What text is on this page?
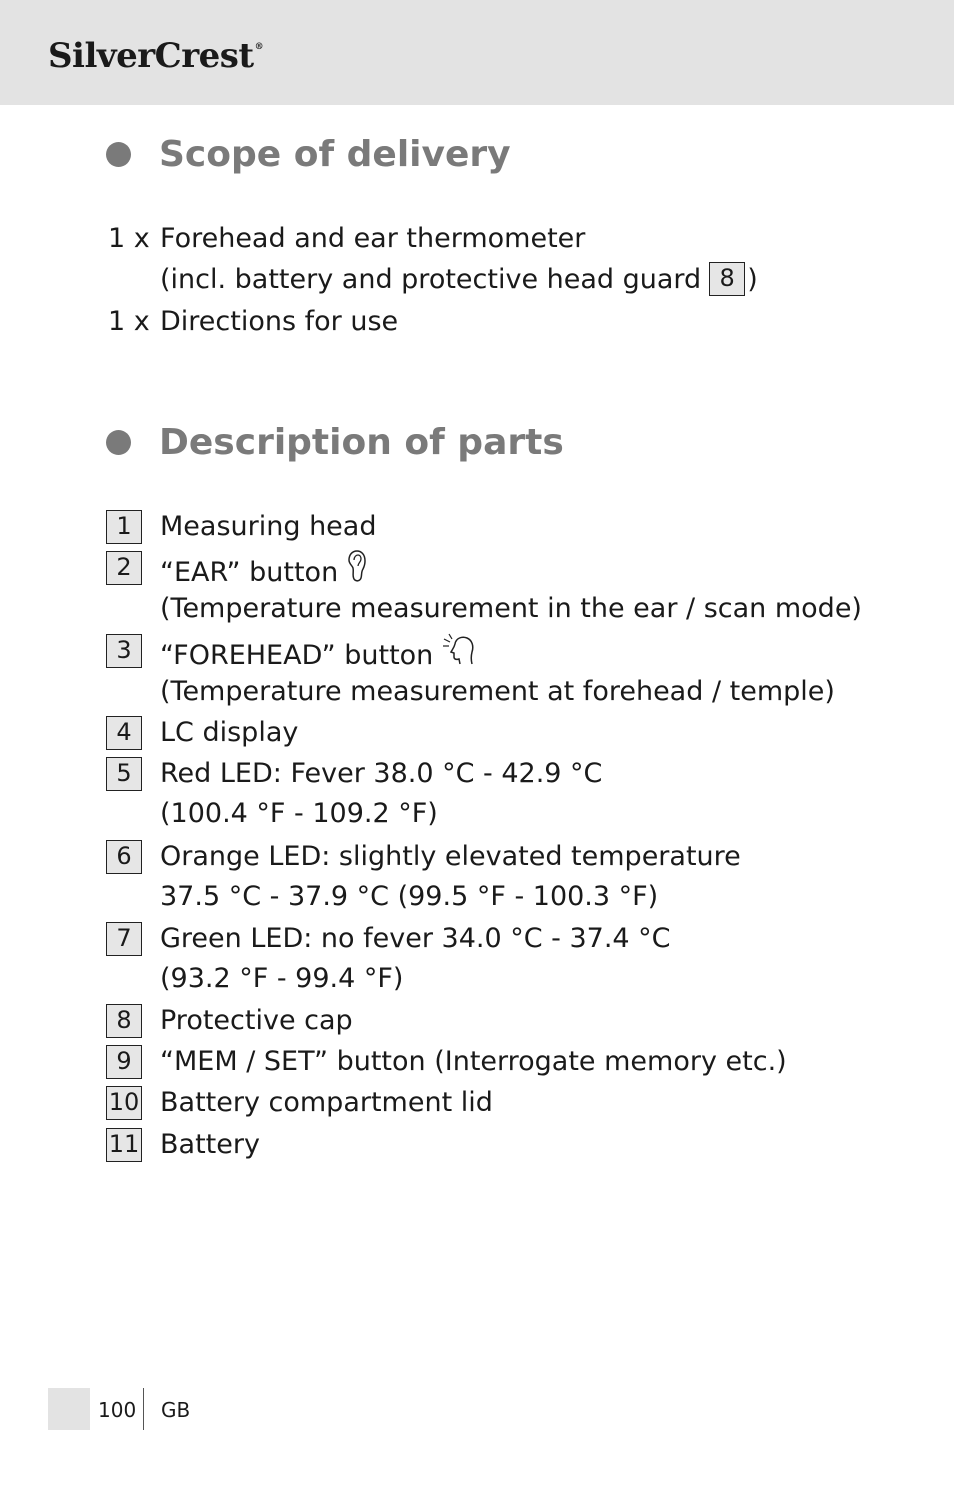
SilverCrest®
Scope of delivery
1 x Forehead and ear thermometer
(incl. battery and protective head guard 8 )
1 x Directions for use
Description of parts
1	Measuring head
2	“EAR” button
(Temperature measurement in the ear / scan mode)
3	“FOREHEAD” button
(Temperature measurement at forehead / temple)
4	LC display
5	Red LED: Fever 38.0 °C - 42.9 °C
(100.4 °F - 109.2 °F)
6	Orange LED: slightly elevated temperature
37.5 °C - 37.9 °C (99.5 °F - 100.3 °F)
7	Green LED: no fever 34.0 °C - 37.4 °C
(93.2 °F - 99.4 °F)
8	Protective cap
9	“MEM / SET” button (Interrogate memory etc.)
10 Battery compartment lid
11 Battery
100 GB
